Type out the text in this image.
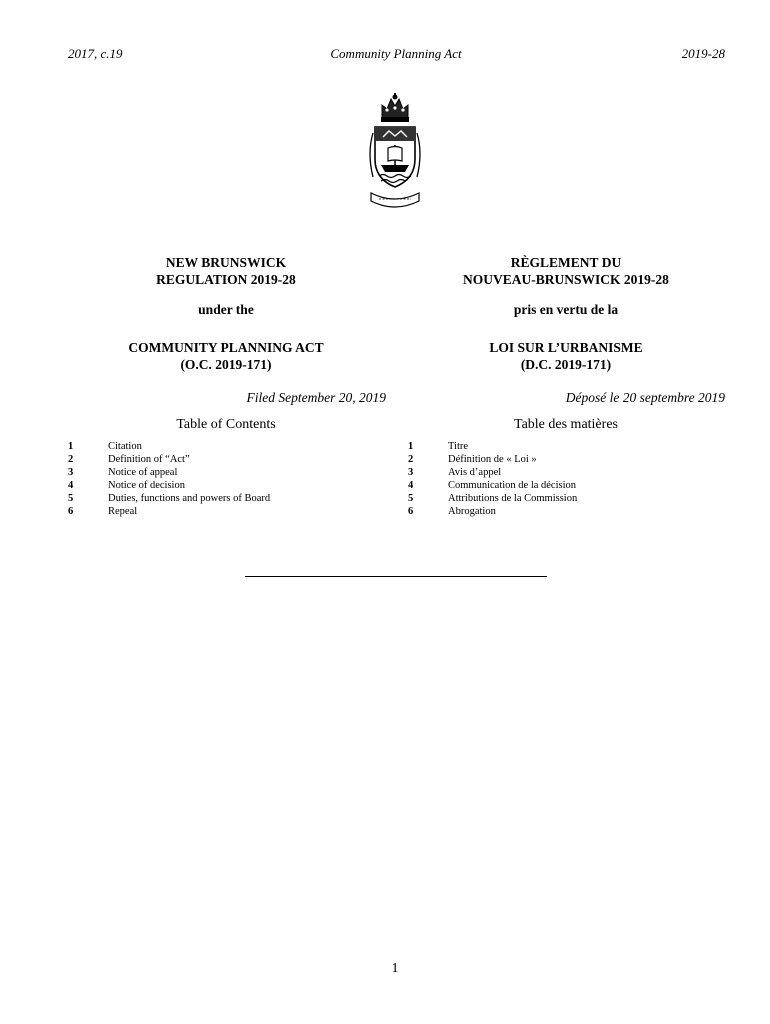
2017, c.19	Community Planning Act	2019-28
NEW BRUNSWICK
REGULATION 2019-28
under the
COMMUNITY PLANNING ACT
(O.C. 2019-171)
Filed September 20, 2019
Table of Contents
1	Citation
2	Definition of “Act”
3	Notice of appeal
4	Notice of decision
5	Duties, functions and powers of Board
6	Repeal
RÈGLEMENT DU
NOUVEAU-BRUNSWICK 2019-28
pris en vertu de la
LOI SUR L’URBANISME
(D.C. 2019-171)
Déposé le 20 septembre 2019
Table des matières
1	Titre
2	Définition de « Loi »
3	Avis d’appel
4	Communication de la décision
5	Attributions de la Commission
6	Abrogation
1
